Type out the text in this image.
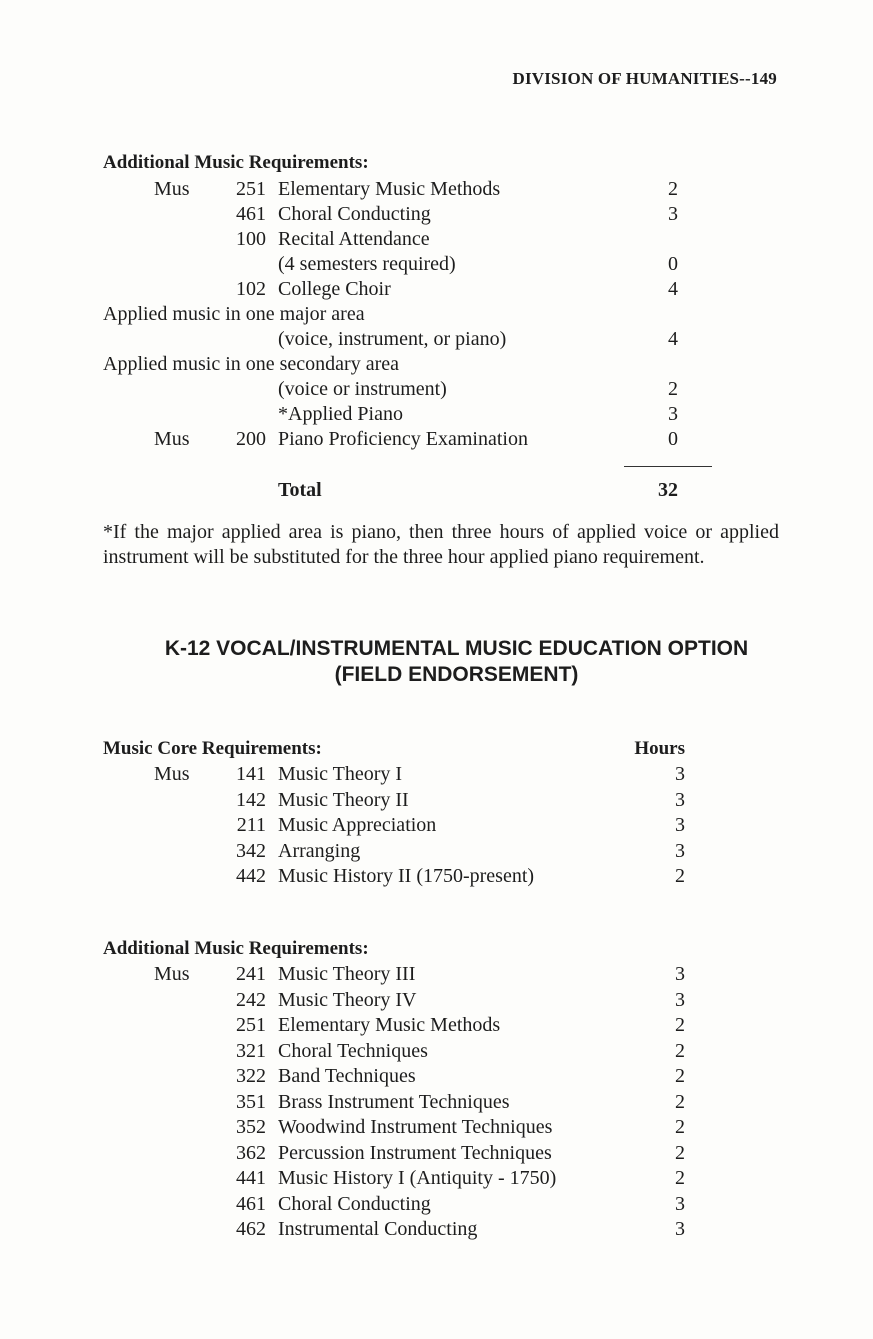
DIVISION OF HUMANITIES--149
Additional Music Requirements:
Mus	251 Elementary Music Methods	2
461 Choral Conducting	3
100 Recital Attendance
(4 semesters required)	0
102 College Choir	4
Applied music in one major area
(voice, instrument, or piano)	4
Applied music in one secondary area
(voice or instrument)	2
*Applied Piano	3
Mus	200 Piano Proficiency Examination	0
Total	32
*If the major applied area is piano, then three hours of applied voice or applied instrument will be substituted for the three hour applied piano requirement.
K-12 VOCAL/INSTRUMENTAL MUSIC EDUCATION OPTION
(FIELD ENDORSEMENT)
Music Core Requirements:	Hours
Mus	141 Music Theory I	3
142 Music Theory II	3
211 Music Appreciation	3
342 Arranging	3
442 Music History II (1750-present)	2
Additional Music Requirements:
Mus	241 Music Theory III	3
242 Music Theory IV	3
251 Elementary Music Methods	2
321 Choral Techniques	2
322 Band Techniques	2
351 Brass Instrument Techniques	2
352 Woodwind Instrument Techniques	2
362 Percussion Instrument Techniques	2
441 Music History I (Antiquity - 1750)	2
461 Choral Conducting	3
462 Instrumental Conducting	3
